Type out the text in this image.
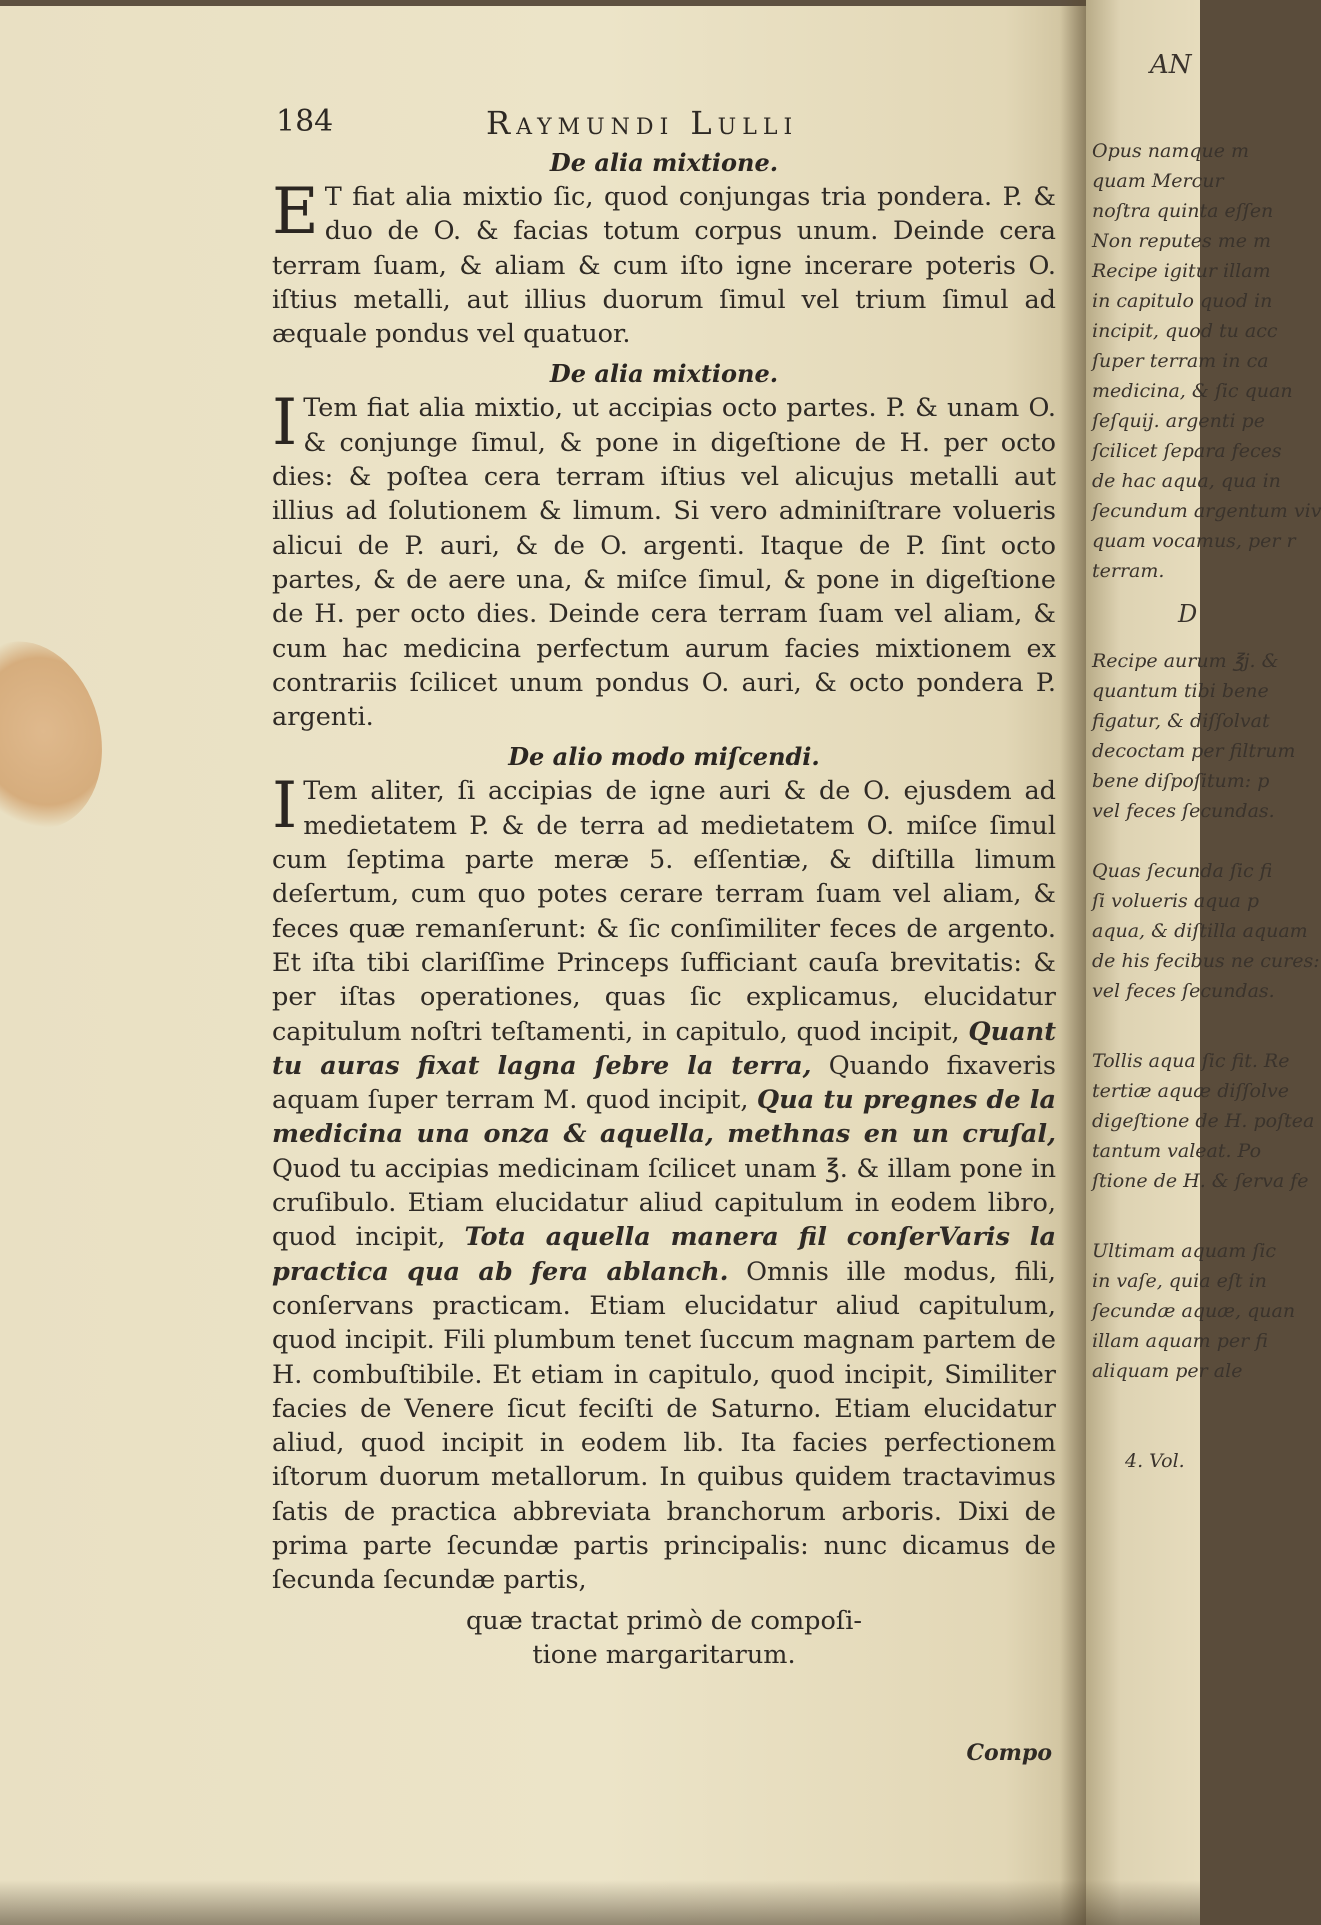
184	Raymundi Lulli

De alia mixtione.

E T fiat alia mixtio ſic, quod conjungas tria pondera. P. & duo de O. & facias totum corpus unum. Deinde cera terram ſuam, & aliam & cum iſto igne incerare poteris O. iſtius metalli, aut illius duorum ſimul vel trium ſimul ad æquale pondus vel quatuor.

De alia mixtione.

I Tem fiat alia mixtio, ut accipias octo partes. P. & unam O. & conjunge ſimul, & pone in digeſtione de H. per octo dies: & poſtea cera terram iſtius vel alicujus metalli aut illius ad ſolutionem & limum. Si vero adminiſtrare volueris alicui de P. auri, & de O. argenti. Itaque de P. ſint octo partes, & de aere una, & miſce ſimul, & pone in digeſtione de H. per octo dies. Deinde cera terram ſuam vel aliam, & cum hac medicina perfectum aurum facies mixtionem ex contrariis ſcilicet unum pondus O. auri, & octo pondera P. argenti.

De alio modo miſcendi.

I Tem aliter, ſi accipias de igne auri & de O. ejusdem ad medietatem P. & de terra ad medietatem O. miſce ſimul cum ſeptima parte meræ 5. eſſentiæ, & diſtilla limum deſertum, cum quo potes cerare terram ſuam vel aliam, & feces quæ remanſerunt: & ſic conſimiliter feces de argento. Et iſta tibi clariſſime Princeps ſufficiant cauſa brevitatis: & per iſtas operationes, quas ſic explicamus, elucidatur capitulum noſtri teſtamenti, in capitulo, quod incipit, Quant tu auras fixat lagna ſebre la terra, Quando fixaveris aquam ſuper terram M. quod incipit, Qua tu pregnes de la medicina una onza & aquella, methnas en un cruſal, Quod tu accipias medicinam ſcilicet unam ℥. & illam pone in cruſibulo. Etiam elucidatur aliud capitulum in eodem libro, quod incipit, Tota aquella manera fil conſerVaris la practica qua ab fera ablanch. Omnis ille modus, fili, conſervans practicam. Etiam elucidatur aliud capitulum, quod incipit. Fili plumbum tenet ſuccum magnam partem de H. combuſtibile. Et etiam in capitulo, quod incipit, Similiter facies de Venere ſicut feciſti de Saturno. Etiam elucidatur aliud, quod incipit in eodem lib. Ita facies perfectionem iſtorum duorum metallorum. In quibus quidem tractavimus ſatis de practica abbreviata branchorum arboris. Dixi de prima parte ſecundæ partis principalis: nunc dicamus de ſecunda ſecundæ partis,

quæ tractat primò de compoſi-

tione margaritarum.

Compo
AN
Opus namque m
quam Mercur
noſtra quinta eſſen
Non reputes me m
Recipe igitur illam
in capitulo quod in
incipit, quod tu acc
ſuper terram in ca
medicina, & ſic quan
ſeſquij. argenti pe
ſcilicet ſepara feces
de hac aqua, qua in
ſecundum argentum viv
quam vocamus, per r
terram.
D
Recipe aurum ℥j. &
quantum tibi bene
figatur, & diſſolvat
decoctam per filtrum
bene diſpoſitum: p
vel feces ſecundas.
Quas ſecunda ſic fi
ſi volueris aqua p
aqua, & diſtilla aquam
de his fecibus ne cures:
vel feces ſecundas.
Tollis aqua ſic fit. Re
tertiæ aquæ diſſolve
digeſtione de H. poſtea
tantum valeat. Po
ſtione de H. & ſerva fe
Ultimam aquam ſic
in vaſe, quia eſt in
ſecundæ aquæ, quan
illam aquam per fi
aliquam per ale
4. Vol.
